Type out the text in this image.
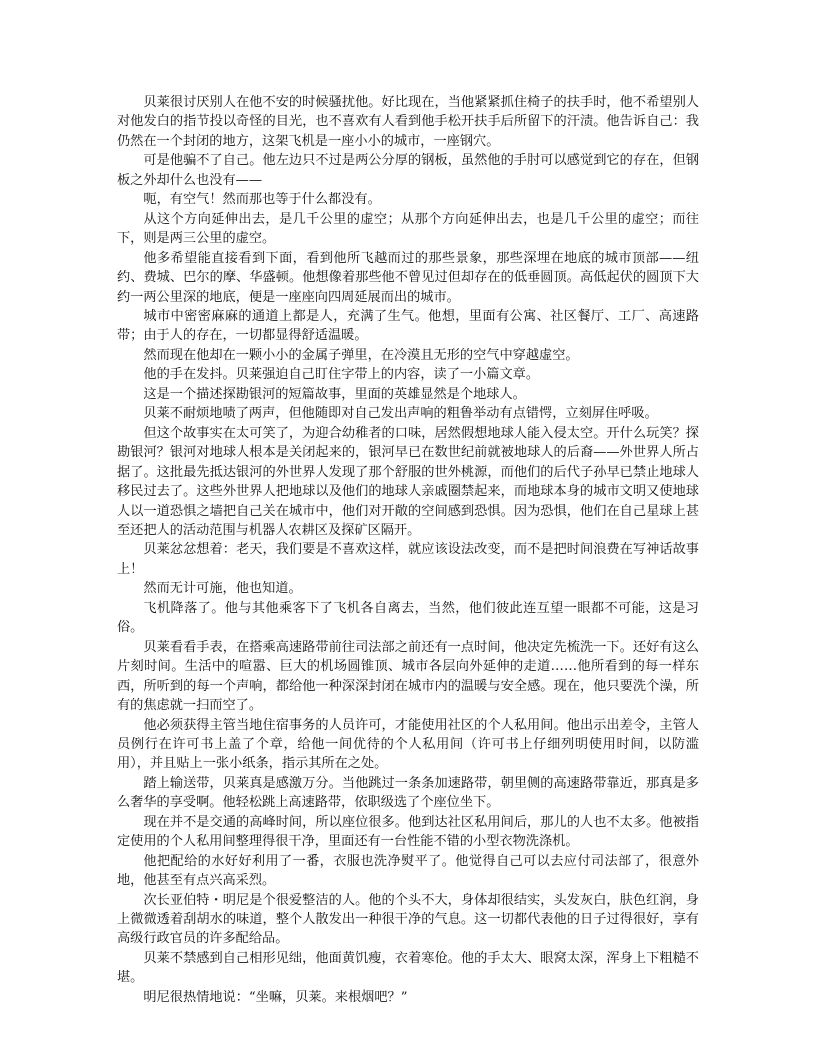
贝莱很讨厌别人在他不安的时候骚扰他。好比现在，当他紧紧抓住椅子的扶手时，他不希望别人对他发白的指节投以奇怪的目光，也不喜欢有人看到他手松开扶手后所留下的汗渍。他告诉自己：我仍然在一个封闭的地方，这架飞机是一座小小的城市，一座钢穴。

可是他骗不了自己。他左边只不过是两公分厚的钢板，虽然他的手肘可以感觉到它的存在，但钢板之外却什么也没有——

呃，有空气！然而那也等于什么都没有。

从这个方向延伸出去，是几千公里的虚空；从那个方向延伸出去，也是几千公里的虚空；而往下，则是两三公里的虚空。

他多希望能直接看到下面，看到他所飞越而过的那些景象，那些深埋在地底的城市顶部——纽约、费城、巴尔的摩、华盛顿。他想像着那些他不曾见过但却存在的低垂圆顶。高低起伏的圆顶下大约一两公里深的地底，便是一座座向四周延展而出的城市。

城市中密密麻麻的通道上都是人，充满了生气。他想，里面有公寓、社区餐厅、工厂、高速路带；由于人的存在，一切都显得舒适温暖。

然而现在他却在一颗小小的金属子弹里，在冷漠且无形的空气中穿越虚空。

他的手在发抖。贝莱强迫自己盯住字带上的内容，读了一小篇文章。

这是一个描述探勘银河的短篇故事，里面的英雄显然是个地球人。

贝莱不耐烦地啧了两声，但他随即对自己发出声响的粗鲁举动有点错愕，立刻屏住呼吸。

但这个故事实在太可笑了，为迎合幼稚者的口味，居然假想地球人能入侵太空。开什么玩笑？探勘银河？银河对地球人根本是关闭起来的，银河早已在数世纪前就被地球人的后裔——外世界人所占据了。这批最先抵达银河的外世界人发现了那个舒服的世外桃源，而他们的后代子孙早已禁止地球人移民过去了。这些外世界人把地球以及他们的地球人亲戚圈禁起来，而地球本身的城市文明又使地球人以一道恐惧之墙把自己关在城市中，他们对开敞的空间感到恐惧。因为恐惧，他们在自己星球上甚至还把人的活动范围与机器人农耕区及探矿区隔开。

贝莱忿忿想着：老天，我们要是不喜欢这样，就应该设法改变，而不是把时间浪费在写神话故事上！

然而无计可施，他也知道。

飞机降落了。他与其他乘客下了飞机各自离去，当然，他们彼此连互望一眼都不可能，这是习俗。

贝莱看看手表，在搭乘高速路带前往司法部之前还有一点时间，他决定先梳洗一下。还好有这么片刻时间。生活中的喧嚣、巨大的机场圆锥顶、城市各层向外延伸的走道……他所看到的每一样东西，所听到的每一个声响，都给他一种深深封闭在城市内的温暖与安全感。现在，他只要洗个澡，所有的焦虑就一扫而空了。

他必须获得主管当地住宿事务的人员许可，才能使用社区的个人私用间。他出示出差令，主管人员例行在许可书上盖了个章，给他一间优待的个人私用间（许可书上仔细列明使用时间，以防滥用），并且贴上一张小纸条，指示其所在之处。

踏上输送带，贝莱真是感激万分。当他跳过一条条加速路带，朝里侧的高速路带靠近，那真是多么奢华的享受啊。他轻松跳上高速路带，依职级选了个座位坐下。

现在并不是交通的高峰时间，所以座位很多。他到达社区私用间后，那儿的人也不太多。他被指定使用的个人私用间整理得很干净，里面还有一台性能不错的小型衣物洗涤机。

他把配给的水好好利用了一番，衣服也洗净熨平了。他觉得自己可以去应付司法部了，很意外地，他甚至有点兴高采烈。

次长亚伯特・明尼是个很爱整洁的人。他的个头不大，身体却很结实，头发灰白，肤色红润，身上微微透着刮胡水的味道，整个人散发出一种很干净的气息。这一切都代表他的日子过得很好，享有高级行政官员的许多配给品。

贝莱不禁感到自己相形见绌，他面黄饥瘦，衣着寒伧。他的手太大、眼窝太深，浑身上下粗糙不堪。

明尼很热情地说：“坐嘛，贝莱。来根烟吧？”
